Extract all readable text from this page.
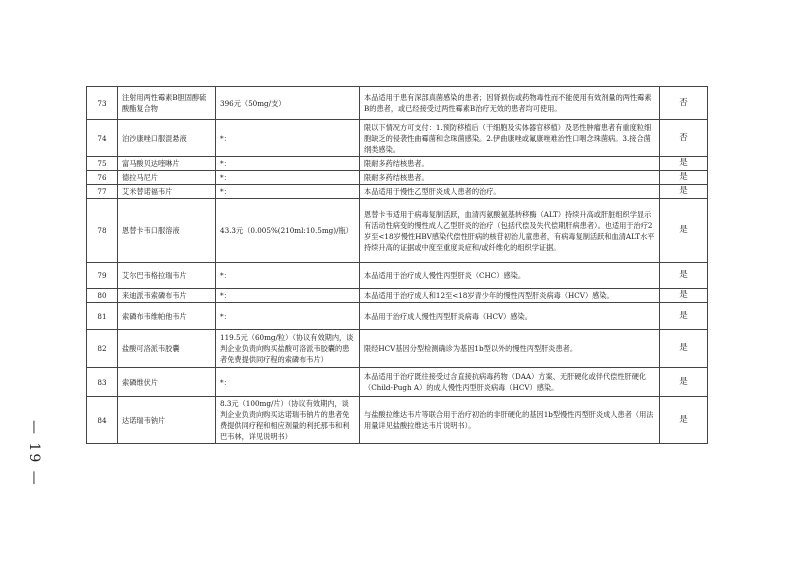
— 19 —
73	注射用两性霉素B胆固醇硫酸酯复合物	396元（50mg/支）	本品适用于患有深部真菌感染的患者；因肾损伤或药物毒性而不能使用有效剂量的两性霉素B的患者，或已经接受过两性霉素B治疗无效的患者均可使用。	否
74	泊沙康唑口服混悬液	*：	限以下情况方可支付：1.预防移植后（干细胞及实体器官移植）及恶性肿瘤患者有重度粒细胞缺乏的侵袭性曲霉菌和念珠菌感染。2.伊曲康唑或氟康唑难治性口咽念珠菌病。3.接合菌纲类感染。	否
75	富马酸贝达喹啉片	*：	限耐多药结核患者。	是
76	德拉马尼片	*：	限耐多药结核患者。	是
77	艾米替诺福韦片	*：	本品适用于慢性乙型肝炎成人患者的治疗。	是
78	恩替卡韦口服溶液	43.3元（0.005%(210ml:10.5mg)/瓶）	恩替卡韦适用于病毒复制活跃，血清丙氨酸氨基转移酶（ALT）持续升高或肝脏组织学显示有活动性病变的慢性成人乙型肝炎的治疗（包括代偿及失代偿期肝病患者）。也适用于治疗2岁至<18岁慢性HBV感染代偿性肝病的核苷初治儿童患者，有病毒复制活跃和血清ALT水平持续升高的证据或中度至重度炎症和/或纤维化的组织学证据。	是
79	艾尔巴韦格拉瑞韦片	*：	本品适用于治疗成人慢性丙型肝炎（CHC）感染。	是
80	来迪派韦索磷布韦片	*：	本品适用于治疗成人和12至<18岁青少年的慢性丙型肝炎病毒（HCV）感染。	是
81	索磷布韦维帕他韦片	*：	本品用于治疗成人慢性丙型肝炎病毒（HCV）感染。	是
82	盐酸可洛派韦胶囊	119.5元（60mg/粒）（协议有效期内，谈判企业负责向购买盐酸可洛派韦胶囊的患者免费提供同疗程的索磷布韦片）	限经HCV基因分型检测确诊为基因1b型以外的慢性丙型肝炎患者。	是
83	索磷维伏片	*：	本品适用于治疗既往接受过含直接抗病毒药物（DAA）方案、无肝硬化或伴代偿性肝硬化（Child-Pugh A）的成人慢性丙型肝炎病毒（HCV）感染。	是
84	达诺瑞韦钠片	8.3元（100mg/片）（协议有效期内，谈判企业负责向购买达诺瑞韦钠片的患者免费提供同疗程和相应剂量的利托那韦和利巴韦林，详见说明书）	与盐酸拉维达韦片等联合用于治疗初治的非肝硬化的基因1b型慢性丙型肝炎成人患者（用法用量详见盐酸拉维达韦片说明书）。	是
